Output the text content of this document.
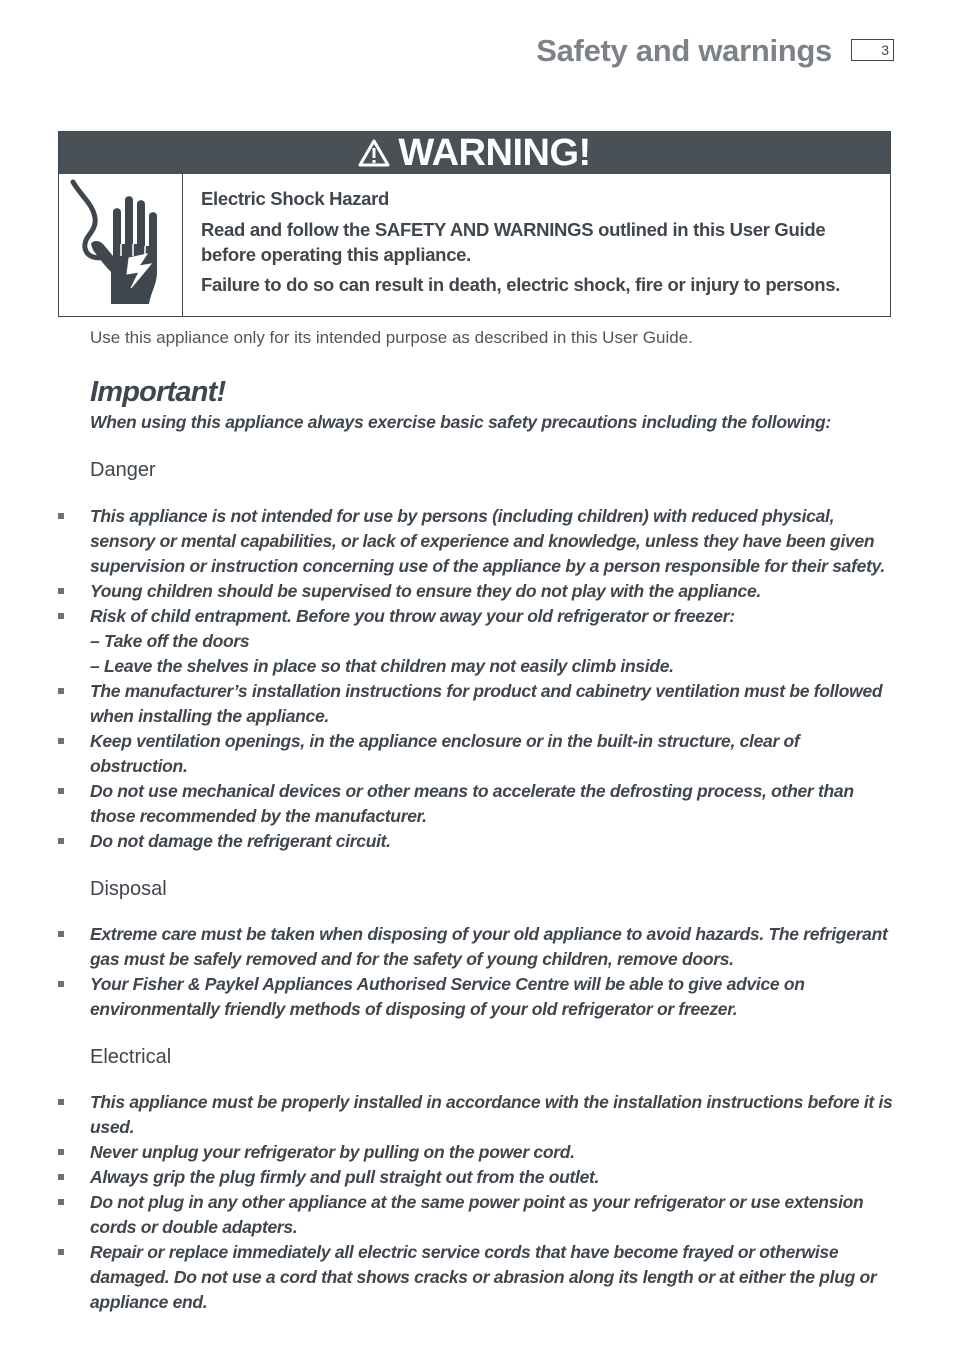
Safety and warnings	3
WARNING!
Electric Shock Hazard
Read and follow the SAFETY AND WARNINGS outlined in this User Guide before operating this appliance.
Failure to do so can result in death, electric shock, fire or injury to persons.
Use this appliance only for its intended purpose as described in this User Guide.
Important!
When using this appliance always exercise basic safety precautions including the following:
Danger
This appliance is not intended for use by persons (including children) with reduced physical, sensory or mental capabilities, or lack of experience and knowledge, unless they have been given supervision or instruction concerning use of the appliance by a person responsible for their safety.
Young children should be supervised to ensure they do not play with the appliance.
Risk of child entrapment. Before you throw away your old refrigerator or freezer:
– Take off the doors
– Leave the shelves in place so that children may not easily climb inside.
The manufacturer’s installation instructions for product and cabinetry ventilation must be followed when installing the appliance.
Keep ventilation openings, in the appliance enclosure or in the built-in structure, clear of obstruction.
Do not use mechanical devices or other means to accelerate the defrosting process, other than those recommended by the manufacturer.
Do not damage the refrigerant circuit.
Disposal
Extreme care must be taken when disposing of your old appliance to avoid hazards. The refrigerant gas must be safely removed and for the safety of young children, remove doors.
Your Fisher & Paykel Appliances Authorised Service Centre will be able to give advice on environmentally friendly methods of disposing of your old refrigerator or freezer.
Electrical
This appliance must be properly installed in accordance with the installation instructions before it is used.
Never unplug your refrigerator by pulling on the power cord.
Always grip the plug firmly and pull straight out from the outlet.
Do not plug in any other appliance at the same power point as your refrigerator or use extension cords or double adapters.
Repair or replace immediately all electric service cords that have become frayed or otherwise damaged. Do not use a cord that shows cracks or abrasion along its length or at either the plug or appliance end.
